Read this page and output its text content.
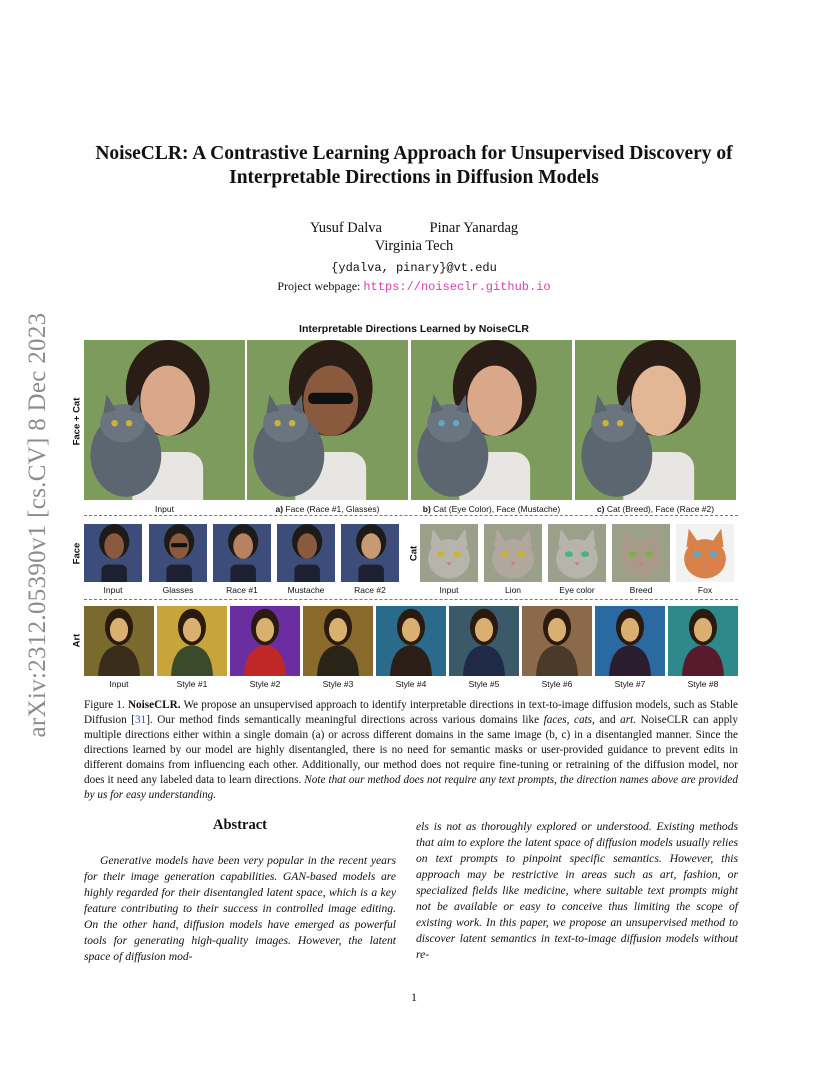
arXiv:2312.05390v1 [cs.CV] 8 Dec 2023
NoiseCLR: A Contrastive Learning Approach for Unsupervised Discovery of
Interpretable Directions in Diffusion Models
Yusuf Dalva	Pinar Yanardag
Virginia Tech
{ydalva, pinary}@vt.edu
Project webpage: https://noiseclr.github.io
Interpretable Directions Learned by NoiseCLR
Face + Cat
Input	a) Face (Race #1, Glasses)	b) Cat (Eye Color), Face (Mustache)	c) Cat (Breed), Face (Race #2)
Face	Cat
Input	Glasses	Race #1	Mustache	Race #2	Input	Lion	Eye color	Breed	Fox
Art
Input	Style #1	Style #2	Style #3	Style #4	Style #5	Style #6	Style #7	Style #8
Figure 1. NoiseCLR. We propose an unsupervised approach to identify interpretable directions in text-to-image diffusion models, such as Stable Diffusion [31]. Our method finds semantically meaningful directions across various domains like faces, cats, and art. NoiseCLR can apply multiple directions either within a single domain (a) or across different domains in the same image (b, c) in a disentangled manner. Since the directions learned by our model are highly disentangled, there is no need for semantic masks or user-provided guidance to prevent edits in different domains from influencing each other. Additionally, our method does not require fine-tuning or retraining of the diffusion model, nor does it need any labeled data to learn directions. Note that our method does not require any text prompts, the direction names above are provided by us for easy understanding.
Abstract
Generative models have been very popular in the recent years for their image generation capabilities. GAN-based models are highly regarded for their disentangled latent space, which is a key feature contributing to their success in controlled image editing. On the other hand, diffusion models have emerged as powerful tools for generating high-quality images. However, the latent space of diffusion mod-
els is not as thoroughly explored or understood. Existing methods that aim to explore the latent space of diffusion models usually relies on text prompts to pinpoint specific semantics. However, this approach may be restrictive in areas such as art, fashion, or specialized fields like medicine, where suitable text prompts might not be available or easy to conceive thus limiting the scope of existing work. In this paper, we propose an unsupervised method to discover latent semantics in text-to-image diffusion models without re-
1
